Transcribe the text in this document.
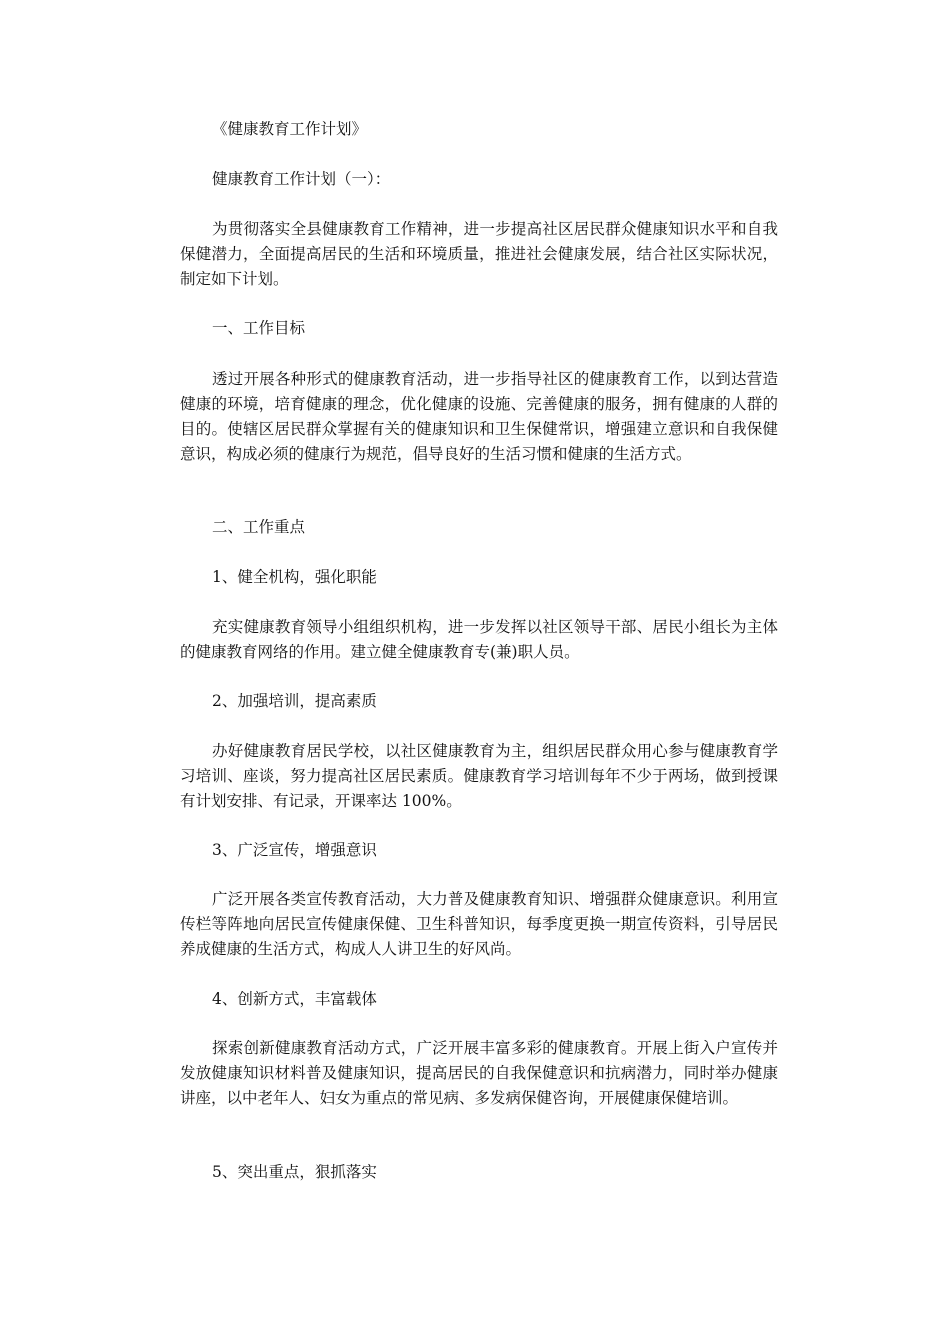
《健康教育工作计划》

健康教育工作计划（一）：

为贯彻落实全县健康教育工作精神，进一步提高社区居民群众健康知识水平和自我保健潜力，全面提高居民的生活和环境质量，推进社会健康发展，结合社区实际状况，制定如下计划。

一、工作目标

透过开展各种形式的健康教育活动，进一步指导社区的健康教育工作，以到达营造健康的环境，培育健康的理念，优化健康的设施、完善健康的服务，拥有健康的人群的目的。使辖区居民群众掌握有关的健康知识和卫生保健常识，增强建立意识和自我保健意识，构成必须的健康行为规范，倡导良好的生活习惯和健康的生活方式。

二、工作重点

1、健全机构，强化职能

充实健康教育领导小组组织机构，进一步发挥以社区领导干部、居民小组长为主体的健康教育网络的作用。建立健全健康教育专(兼)职人员。

2、加强培训，提高素质

办好健康教育居民学校，以社区健康教育为主，组织居民群众用心参与健康教育学习培训、座谈，努力提高社区居民素质。健康教育学习培训每年不少于两场，做到授课有计划安排、有记录，开课率达 100%。

3、广泛宣传，增强意识

广泛开展各类宣传教育活动，大力普及健康教育知识、增强群众健康意识。利用宣传栏等阵地向居民宣传健康保健、卫生科普知识，每季度更换一期宣传资料，引导居民养成健康的生活方式，构成人人讲卫生的好风尚。

4、创新方式，丰富载体

探索创新健康教育活动方式，广泛开展丰富多彩的健康教育。开展上街入户宣传并发放健康知识材料普及健康知识，提高居民的自我保健意识和抗病潜力，同时举办健康讲座，以中老年人、妇女为重点的常见病、多发病保健咨询，开展健康保健培训。

5、突出重点，狠抓落实
